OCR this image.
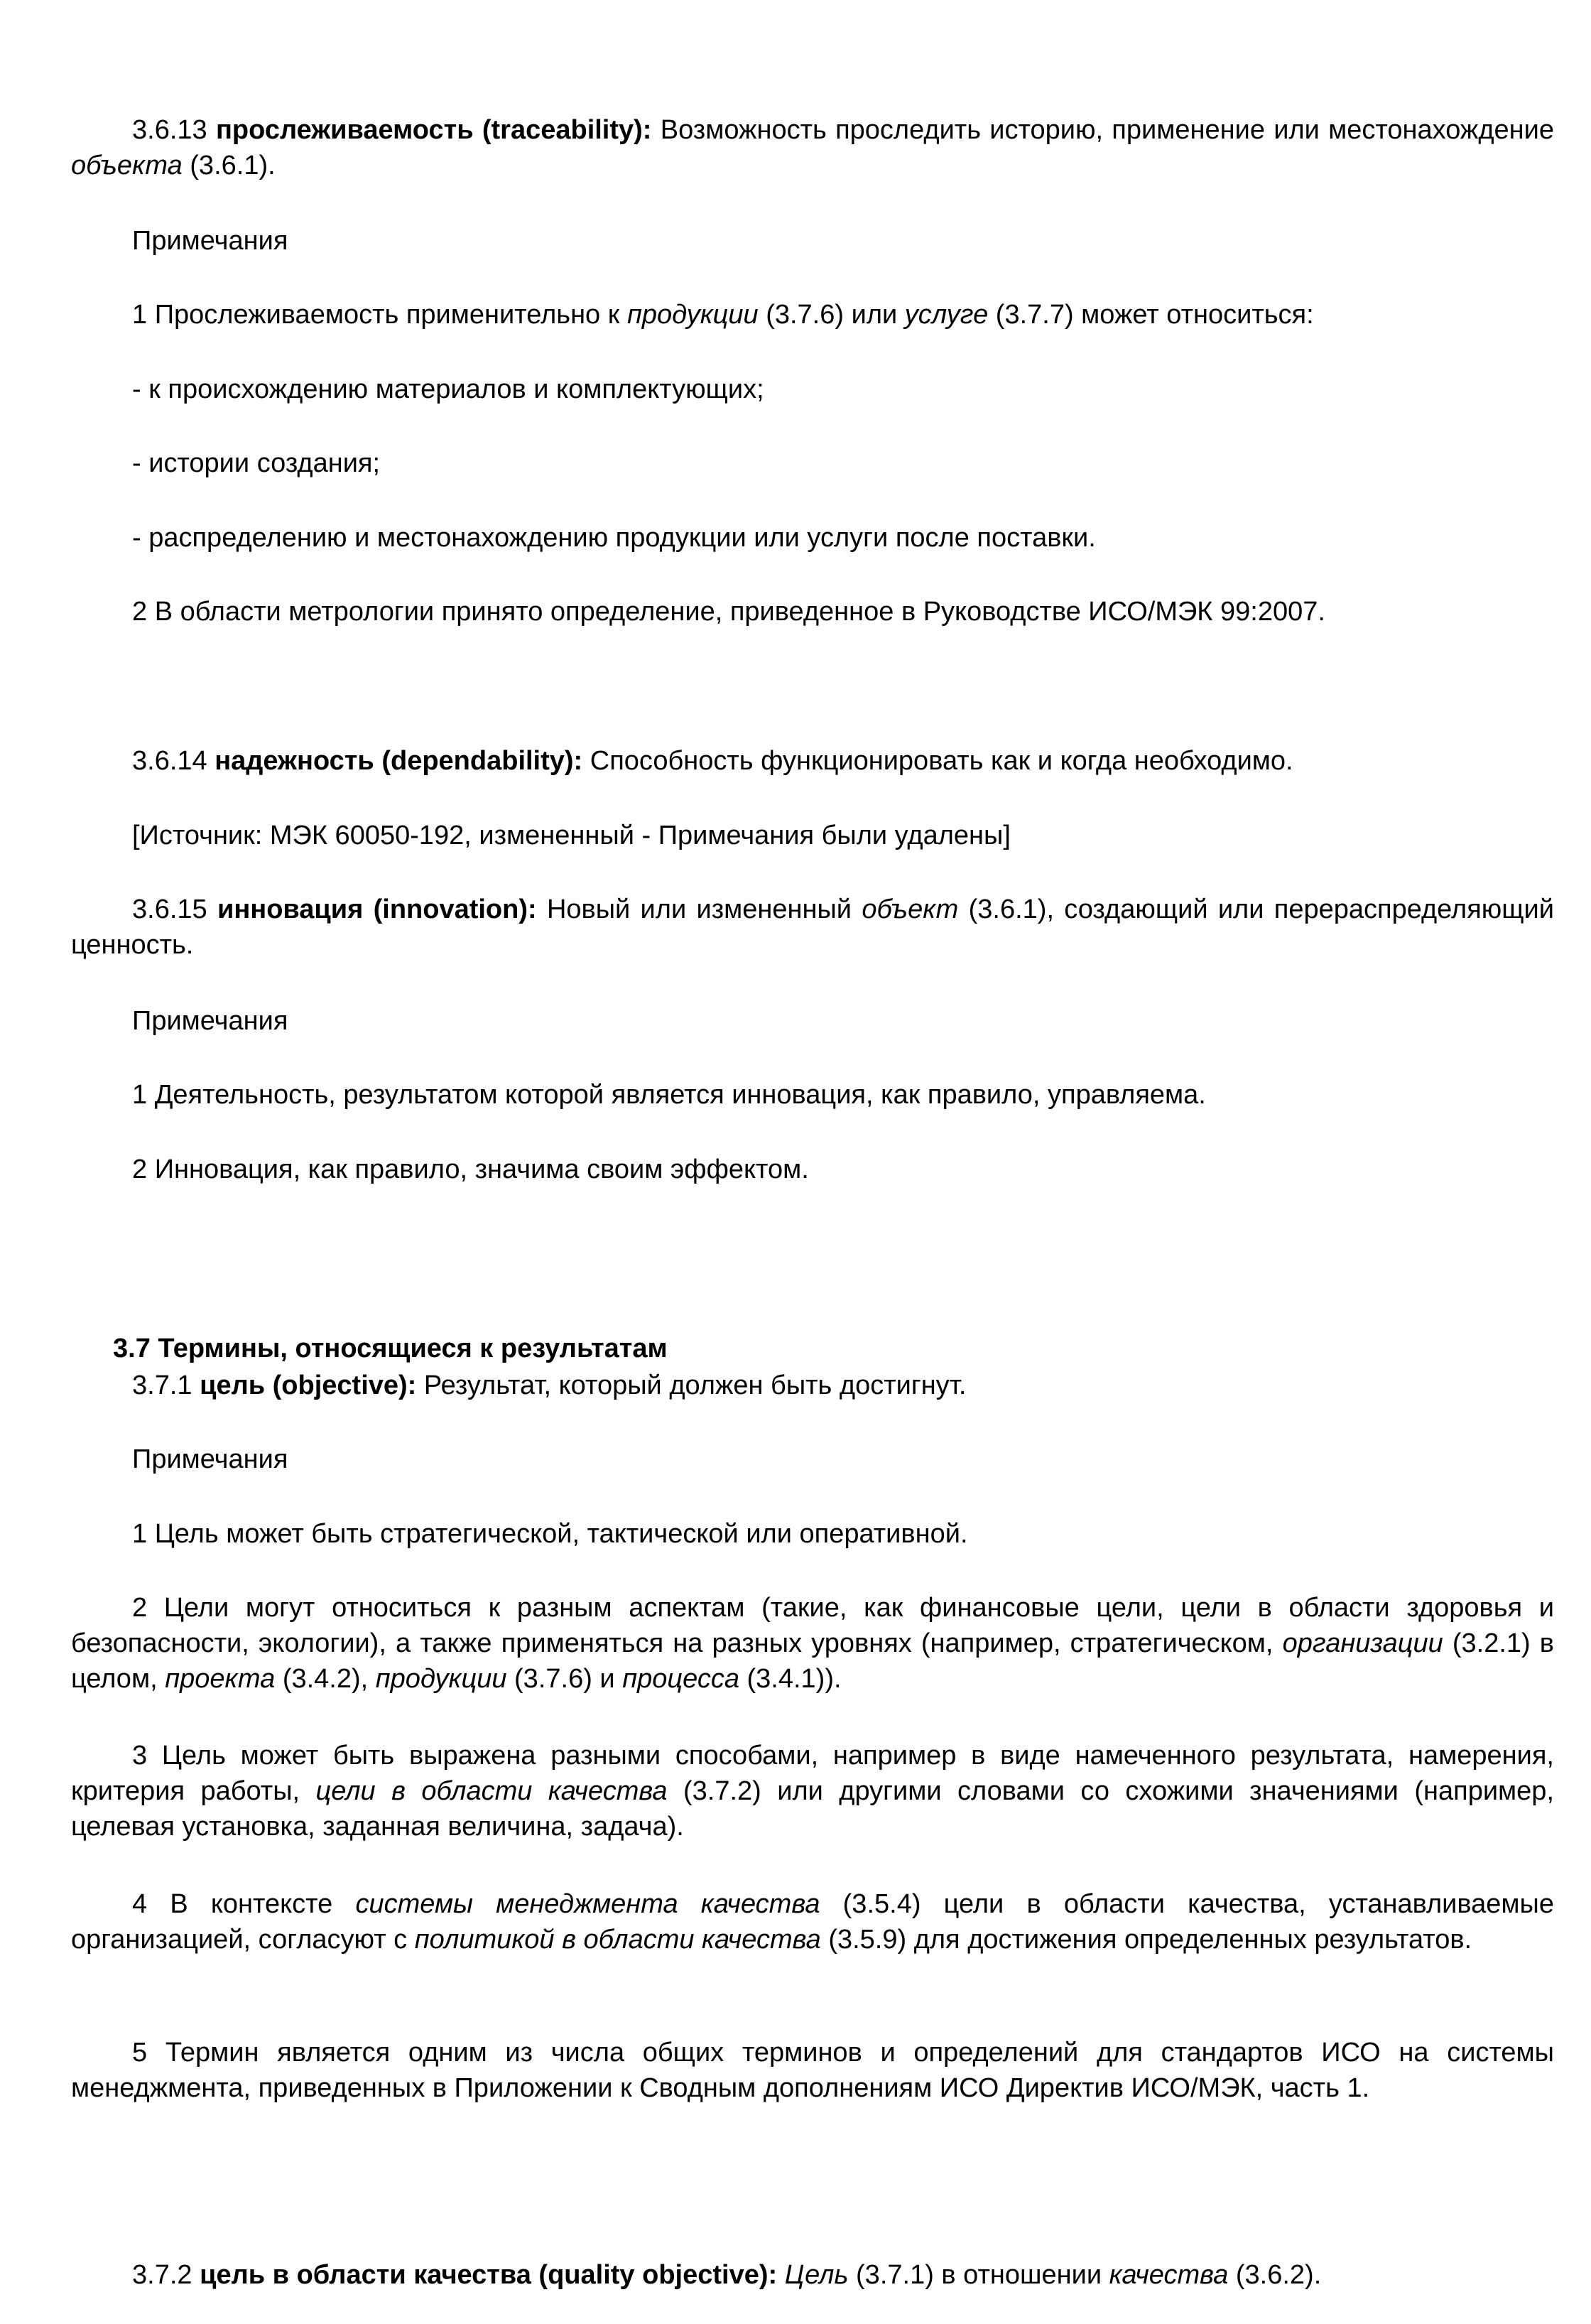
3.6.13 прослеживаемость (traceability): Возможность проследить историю, применение или местонахождение объекта (3.6.1).

Примечания

1 Прослеживаемость применительно к продукции (3.7.6) или услуге (3.7.7) может относиться:

- к происхождению материалов и комплектующих;

- истории создания;

- распределению и местонахождению продукции или услуги после поставки.

2 В области метрологии принято определение, приведенное в Руководстве ИСО/МЭК 99:2007.

3.6.14 надежность (dependability): Способность функционировать как и когда необходимо.

[Источник: МЭК 60050-192, измененный - Примечания были удалены]

3.6.15 инновация (innovation): Новый или измененный объект (3.6.1), создающий или перераспределяющий ценность.

Примечания

1 Деятельность, результатом которой является инновация, как правило, управляема.

2 Инновация, как правило, значима своим эффектом.

3.7 Термины, относящиеся к результатам

3.7.1 цель (objective): Результат, который должен быть достигнут.

Примечания

1 Цель может быть стратегической, тактической или оперативной.

2 Цели могут относиться к разным аспектам (такие, как финансовые цели, цели в области здоровья и безопасности, экологии), а также применяться на разных уровнях (например, стратегическом, организации (3.2.1) в целом, проекта (3.4.2), продукции (3.7.6) и процесса (3.4.1)).

3 Цель может быть выражена разными способами, например в виде намеченного результата, намерения, критерия работы, цели в области качества (3.7.2) или другими словами со схожими значениями (например, целевая установка, заданная величина, задача).

4 В контексте системы менеджмента качества (3.5.4) цели в области качества, устанавливаемые организацией, согласуют с политикой в области качества (3.5.9) для достижения определенных результатов.

5 Термин является одним из числа общих терминов и определений для стандартов ИСО на системы менеджмента, приведенных в Приложении к Сводным дополнениям ИСО Директив ИСО/МЭК, часть 1.

3.7.2 цель в области качества (quality objective): Цель (3.7.1) в отношении качества (3.6.2).
